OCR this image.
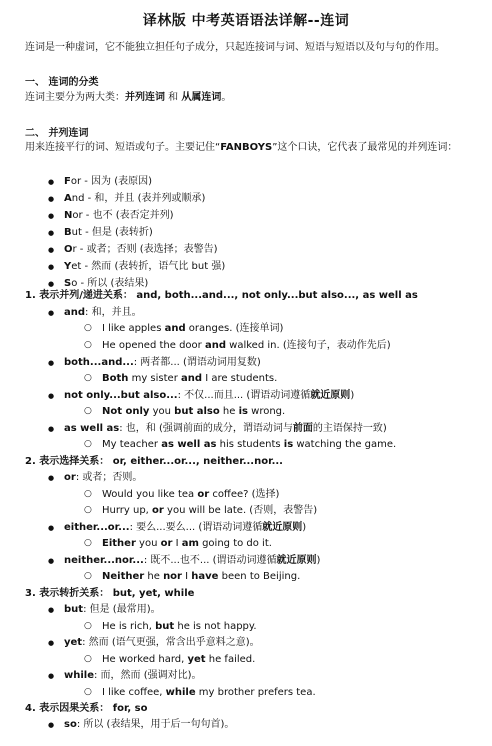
译林版 中考英语语法详解--连词
连词是一种虚词，它不能独立担任句子成分，只起连接词与词、短语与短语以及句与句的作用。
一、 连词的分类
连词主要分为两大类：并列连词 和 从属连词。
二、 并列连词
用来连接平行的词、短语或句子。主要记住“FANBOYS”这个口诀，它代表了最常见的并列连词：
● For - 因为 (表原因)
● And - 和，并且 (表并列或顺承)
● Nor - 也不 (表否定并列)
● But - 但是 (表转折)
● Or - 或者；否则 (表选择；表警告)
● Yet - 然而 (表转折，语气比 but 强)
● So - 所以 (表结果)
1. 表示并列/递进关系： and, both...and..., not only...but also..., as well as
● and: 和，并且。
○ I like apples and oranges. (连接单词)
○ He opened the door and walked in. (连接句子，表动作先后)
● both...and...: 两者都... (谓语动词用复数)
○ Both my sister and I are students.
● not only...but also...: 不仅...而且... (谓语动词遵循就近原则)
○ Not only you but also he is wrong.
● as well as: 也，和 (强调前面的成分，谓语动词与前面的主语保持一致)
○ My teacher as well as his students is watching the game.
2. 表示选择关系： or, either...or..., neither...nor...
● or: 或者；否则。
○ Would you like tea or coffee? (选择)
○ Hurry up, or you will be late. (否则，表警告)
● either...or...: 要么...要么... (谓语动词遵循就近原则)
○ Either you or I am going to do it.
● neither...nor...: 既不...也不... (谓语动词遵循就近原则)
○ Neither he nor I have been to Beijing.
3. 表示转折关系： but, yet, while
● but: 但是 (最常用)。
○ He is rich, but he is not happy.
● yet: 然而 (语气更强，常含出乎意料之意)。
○ He worked hard, yet he failed.
● while: 而，然而 (强调对比)。
○ I like coffee, while my brother prefers tea.
4. 表示因果关系： for, so
● so: 所以 (表结果，用于后一句句首)。
